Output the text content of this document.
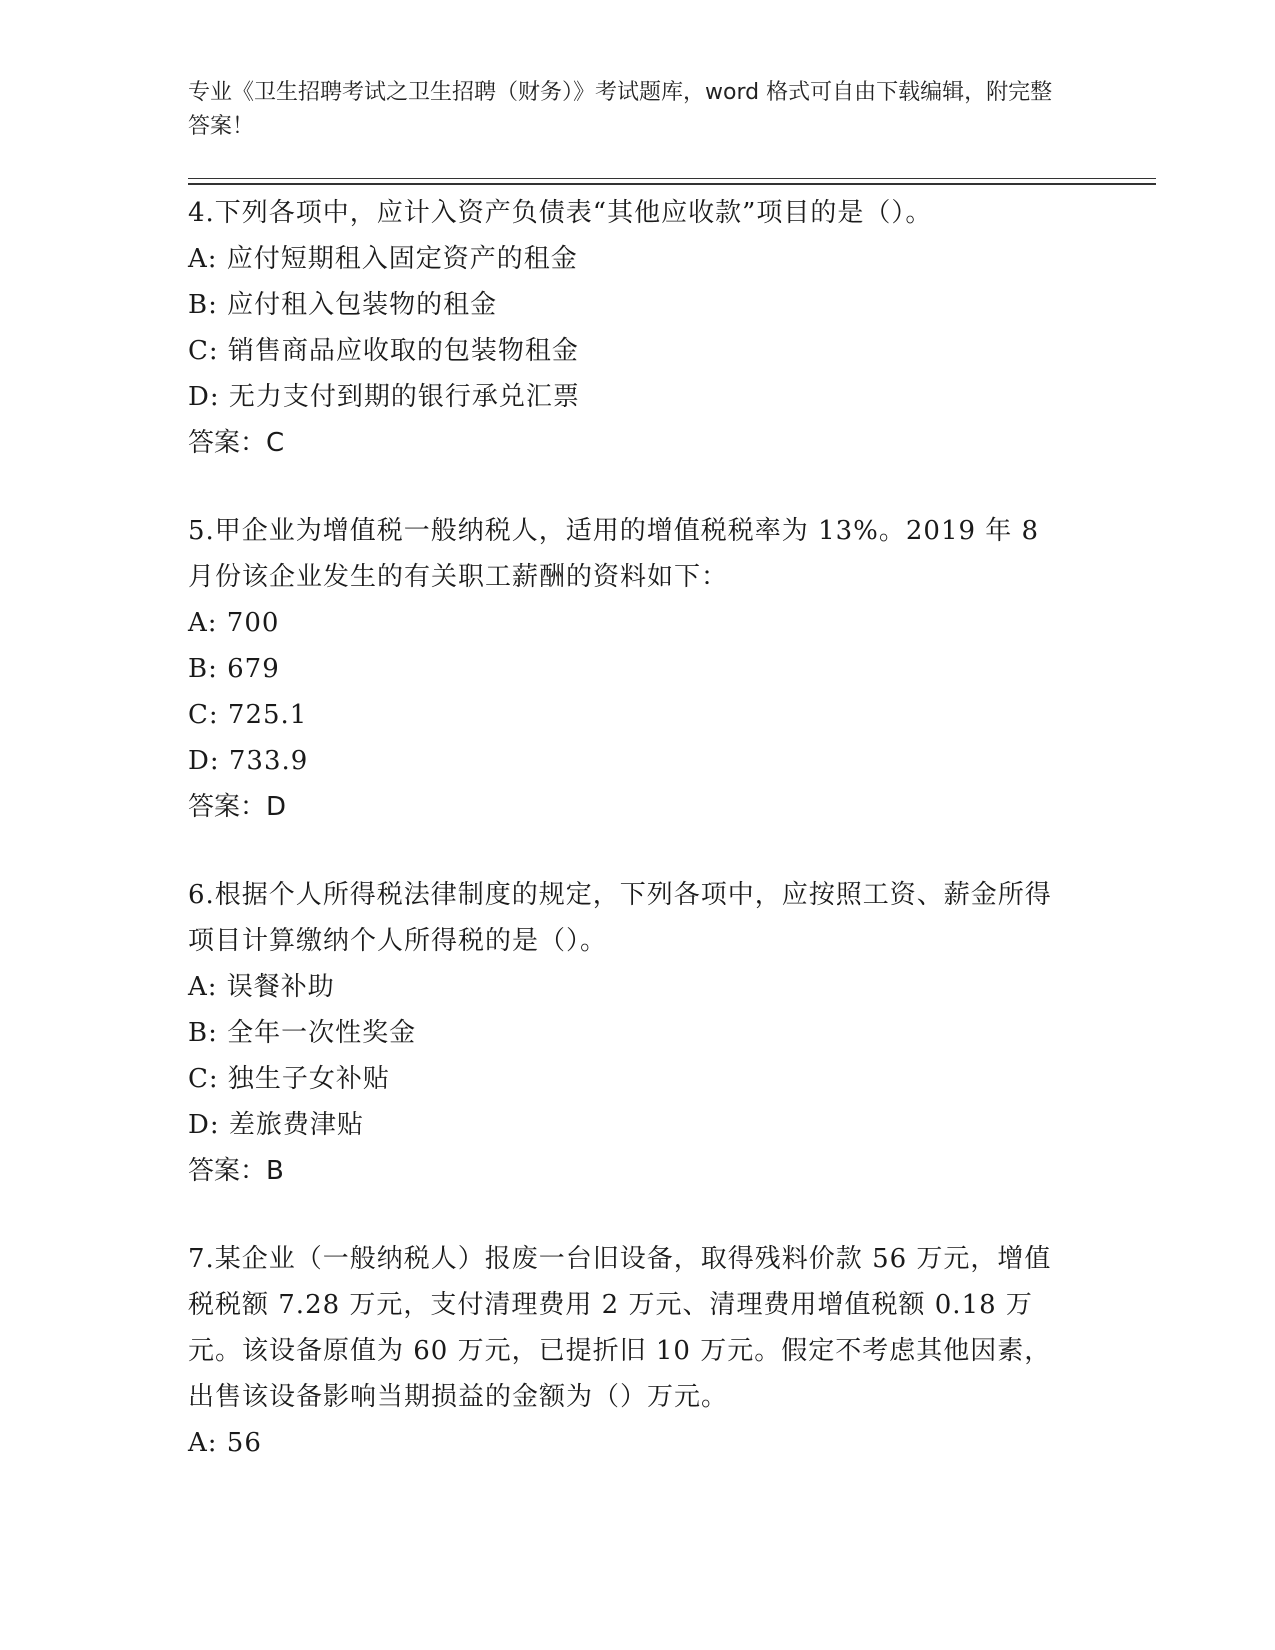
专业《卫生招聘考试之卫生招聘（财务）》考试题库，word 格式可自由下载编辑，附完整答案！

4.下列各项中，应计入资产负债表“其他应收款”项目的是（）。

A: 应付短期租入固定资产的租金

B: 应付租入包装物的租金

C: 销售商品应收取的包装物租金

D: 无力支付到期的银行承兑汇票

答案：C

5.甲企业为增值税一般纳税人，适用的增值税税率为 13%。2019 年 8 月份该企业发生的有关职工薪酬的资料如下：

A: 700

B: 679

C: 725.1

D: 733.9

答案：D

6.根据个人所得税法律制度的规定，下列各项中，应按照工资、薪金所得项目计算缴纳个人所得税的是（）。

A: 误餐补助

B: 全年一次性奖金

C: 独生子女补贴

D: 差旅费津贴

答案：B

7.某企业（一般纳税人）报废一台旧设备，取得残料价款 56 万元，增值税税额 7.28 万元，支付清理费用 2 万元、清理费用增值税额 0.18 万元。该设备原值为 60 万元，已提折旧 10 万元。假定不考虑其他因素，出售该设备影响当期损益的金额为（）万元。

A: 56
